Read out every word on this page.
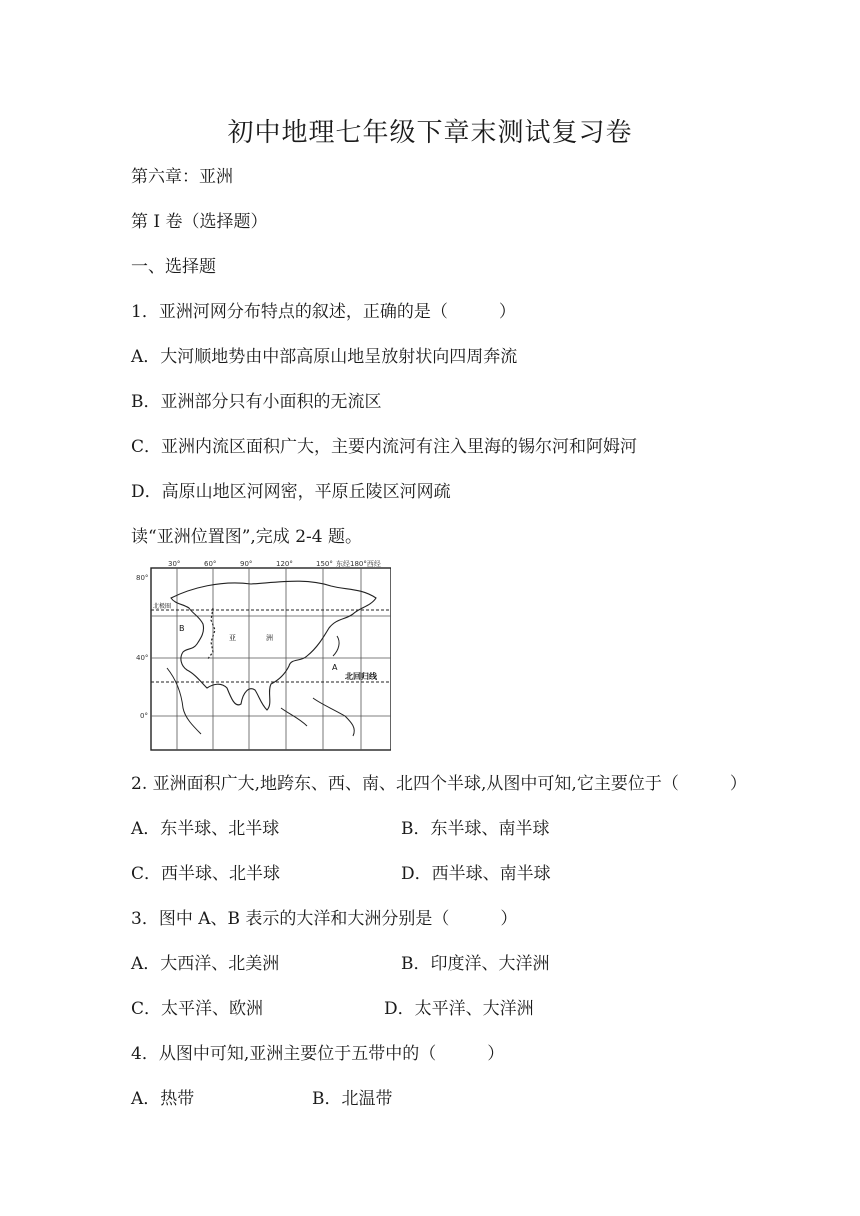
初中地理七年级下章末测试复习卷
第六章：亚洲
第 I 卷（选择题）
一、选择题
1．亚洲河网分布特点的叙述，正确的是（　　　）
A．大河顺地势由中部高原山地呈放射状向四周奔流
B．亚洲部分只有小面积的无流区
C．亚洲内流区面积广大，主要内流河有注入里海的锡尔河和阿姆河
D．高原山地区河网密，平原丘陵区河网疏
读“亚洲位置图”,完成 2-4 题。
30°	60°	90°	120°	150° 东经180°西经
80°
40°
0°
北极圈
B
亚	洲
A
北回归线
2. 亚洲面积广大,地跨东、西、南、北四个半球,从图中可知,它主要位于（　　　）
A．东半球、北半球	B．东半球、南半球
C．西半球、北半球	D．西半球、南半球
3．图中 A、B 表示的大洋和大洲分别是（　　　）
A．大西洋、北美洲	B．印度洋、大洋洲
C．太平洋、欧洲	D．太平洋、大洋洲
4．从图中可知,亚洲主要位于五带中的（　　　）
A．热带	B．北温带
